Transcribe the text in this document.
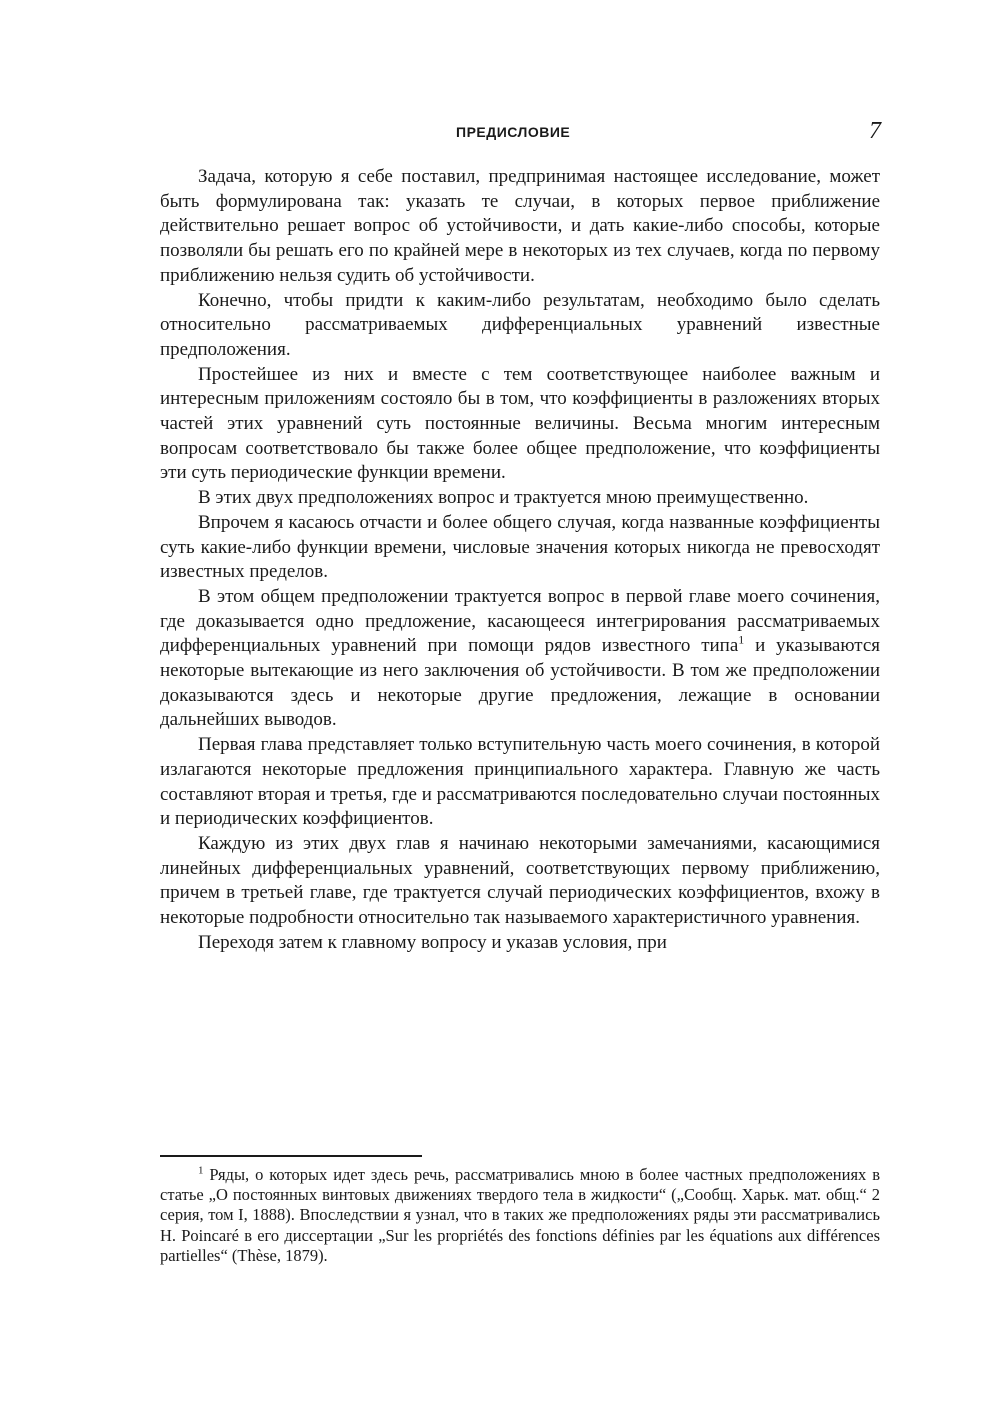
ПРЕДИСЛОВИЕ	7

Задача, которую я себе поставил, предпринимая настоящее исследование, может быть формулирована так: указать те случаи, в которых первое приближение действительно решает вопрос об устойчивости, и дать какие-либо способы, которые позволяли бы решать его по крайней мере в некоторых из тех случаев, когда по первому приближению нельзя судить об устойчивости.

Конечно, чтобы придти к каким-либо результатам, необходимо было сделать относительно рассматриваемых дифференциальных уравнений известные предположения.

Простейшее из них и вместе с тем соответствующее наиболее важным и интересным приложениям состояло бы в том, что коэффициенты в разложениях вторых частей этих уравнений суть постоянные величины. Весьма многим интересным вопросам соответствовало бы также более общее предположение, что коэффициенты эти суть периодические функции времени.

В этих двух предположениях вопрос и трактуется мною преимущественно.

Впрочем я касаюсь отчасти и более общего случая, когда названные коэффициенты суть какие-либо функции времени, числовые значения которых никогда не превосходят известных пределов.

В этом общем предположении трактуется вопрос в первой главе моего сочинения, где доказывается одно предложение, касающееся интегрирования рассматриваемых дифференциальных уравнений при помощи рядов известного типа$^1$ и указываются некоторые вытекающие из него заключения об устойчивости. В том же предположении доказываются здесь и некоторые другие предложения, лежащие в основании дальнейших выводов.

Первая глава представляет только вступительную часть моего сочинения, в которой излагаются некоторые предложения принципиального характера. Главную же часть составляют вторая и третья, где и рассматриваются последовательно случаи постоянных и периодических коэффициентов.

Каждую из этих двух глав я начинаю некоторыми замечаниями, касающимися линейных дифференциальных уравнений, соответствующих первому приближению, причем в третьей главе, где трактуется случай периодических коэффициентов, вхожу в некоторые подробности относительно так называемого характеристичного уравнения.

Переходя затем к главному вопросу и указав условия, при

$^1$ Ряды, о которых идет здесь речь, рассматривались мною в более частных предположениях в статье „О постоянных винтовых движениях твердого тела в жидкости“ („Сообщ. Харьк. мат. общ.“ 2 серия, том I, 1888). Впоследствии я узнал, что в таких же предположениях ряды эти рассматривались H. Poincaré в его диссертации „Sur les propriétés des fonctions définies par les équations aux différences partielles“ (Thèse, 1879).
